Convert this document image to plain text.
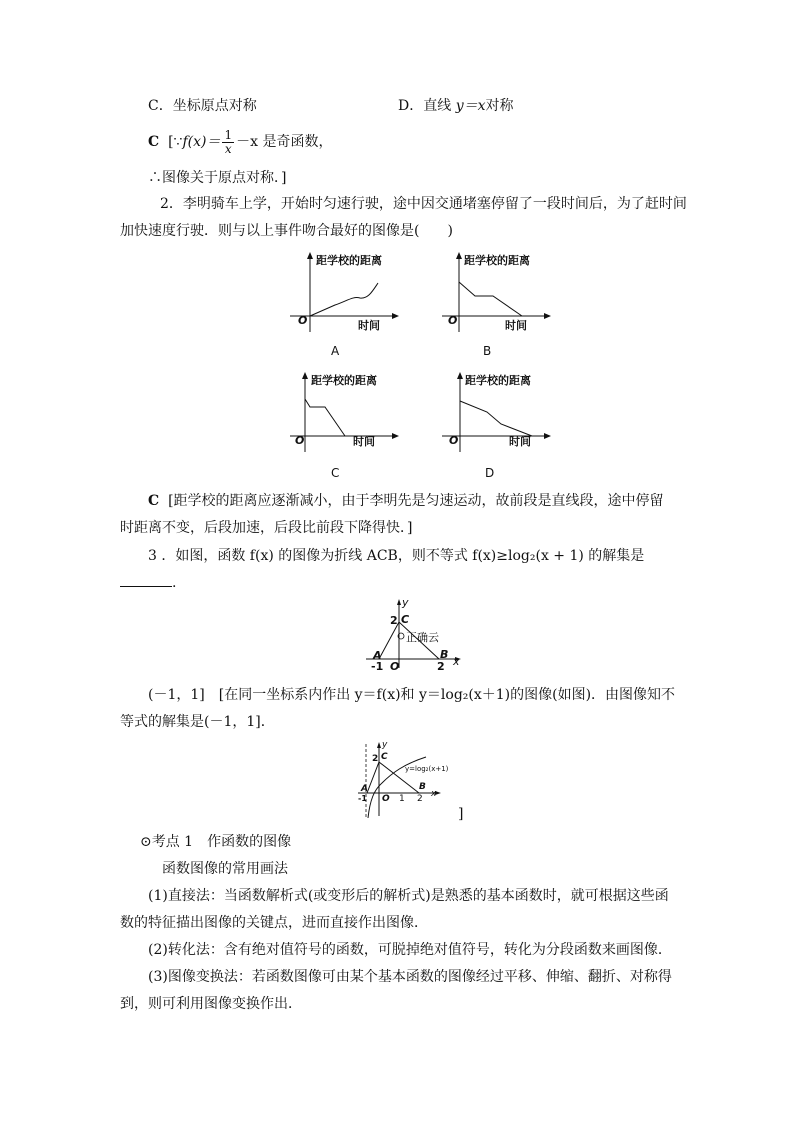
C．坐标原点对称	D．直线 y＝x对称
C [∵f(x)＝ $\frac{1}{x} -x$ 是奇函数，
∴图像关于原点对称．]
2．李明骑车上学，开始时匀速行驶，途中因交通堵塞停留了一段时间后，为了赶时间
加快速度行驶．则与以上事件吻合最好的图像是(　　)
距学校的距离
O	时间
A
距学校的距离
O	时间
B
距学校的距离
O	时间
C
距学校的距离
O	时间
D
C [距学校的距离应逐渐减小，由于李明先是匀速运动，故前段是直线段，途中停留
时距离不变，后段加速，后段比前段下降得快．]
3 ．如图，函数 f(x) 的图像为折线 ACB，则不等式 f(x)≥log₂(x + 1) 的解集是
.
y
2 C
正确云
A	B
-1 O	2 x
(－1，1]　[在同一坐标系内作出 y＝f(x)和 y＝log₂(x＋1)的图像(如图)．由图像知不
等式的解集是(－1，1]．
y
2 C
A	B
-1 O 1 2 x
y=log₂(x+1)
]
⊙考点 1　作函数的图像
函数图像的常用画法
(1)直接法：当函数解析式(或变形后的解析式)是熟悉的基本函数时，就可根据这些函
数的特征描出图像的关键点，进而直接作出图像．
(2)转化法：含有绝对值符号的函数，可脱掉绝对值符号，转化为分段函数来画图像．
(3)图像变换法：若函数图像可由某个基本函数的图像经过平移、伸缩、翻折、对称得
到，则可利用图像变换作出．
